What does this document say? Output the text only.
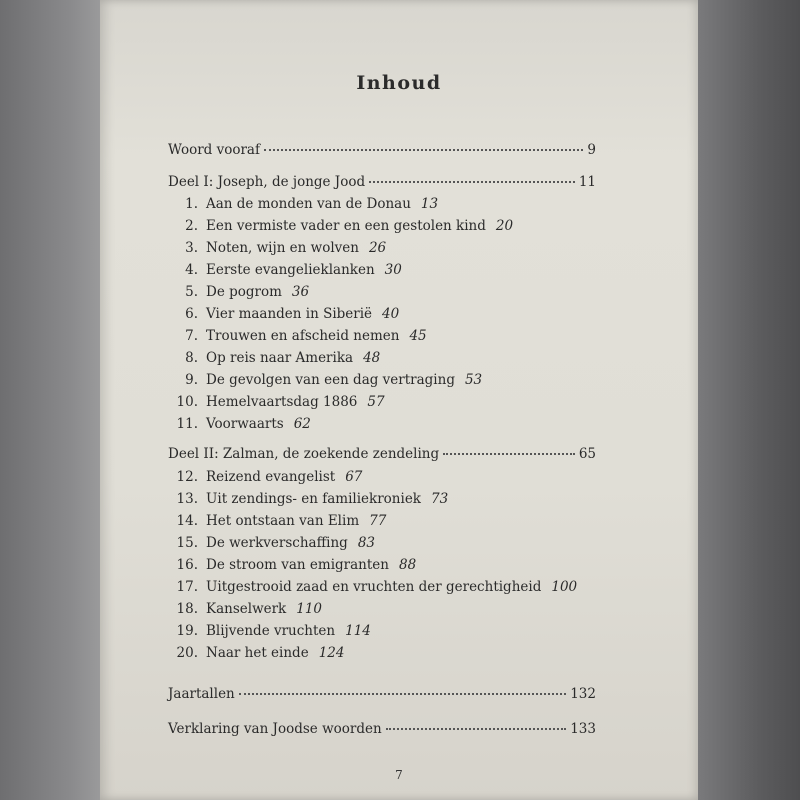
Inhoud
Woord vooraf	9
Deel I: Joseph, de jonge Jood	11
1. Aan de monden van de Donau 13
2. Een vermiste vader en een gestolen kind 20
3. Noten, wijn en wolven 26
4. Eerste evangelieklanken 30
5. De pogrom 36
6. Vier maanden in Siberië 40
7. Trouwen en afscheid nemen 45
8. Op reis naar Amerika 48
9. De gevolgen van een dag vertraging 53
10. Hemelvaartsdag 1886 57
11. Voorwaarts 62
Deel II: Zalman, de zoekende zendeling	65
12. Reizend evangelist 67
13. Uit zendings- en familiekroniek 73
14. Het ontstaan van Elim 77
15. De werkverschaffing 83
16. De stroom van emigranten 88
17. Uitgestrooid zaad en vruchten der gerechtigheid 100
18. Kanselwerk 110
19. Blijvende vruchten 114
20. Naar het einde 124
Jaartallen	132
Verklaring van Joodse woorden	133
7
